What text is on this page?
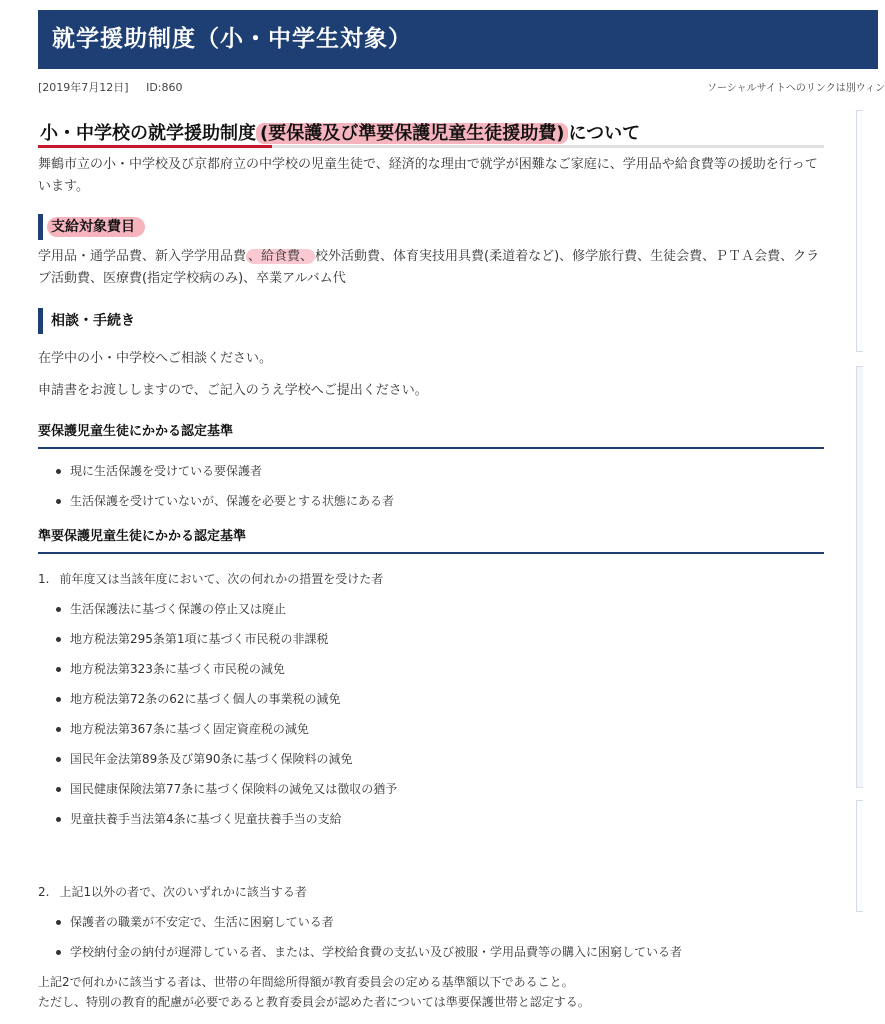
就学援助制度（小・中学生対象）
[2019年7月12日] ID:860	ソーシャルサイトへのリンクは別ウィン
小・中学校の就学援助制度 (要保護及び準要保護児童生徒援助費) について

舞鶴市立の小・中学校及び京都府立の中学校の児童生徒で、経済的な理由で就学が困難なご家庭に、学用品や給食費等の援助を行っています。

支給対象費目

学用品・通学品費、新入学学用品費 、給食費、 校外活動費、体育実技用具費(柔道着など)、修学旅行費、生徒会費、ＰＴＡ会費、クラブ活動費、医療費(指定学校病のみ)、卒業アルバム代

相談・手続き

在学中の小・中学校へご相談ください。

申請書をお渡ししますので、ご記入のうえ学校へご提出ください。

要保護児童生徒にかかる認定基準
現に生活保護を受けている要保護者
生活保護を受けていないが、保護を必要とする状態にある者
準要保護児童生徒にかかる認定基準
1. 前年度又は当該年度において、次の何れかの措置を受けた者
生活保護法に基づく保護の停止又は廃止
地方税法第295条第1項に基づく市民税の非課税
地方税法第323条に基づく市民税の減免
地方税法第72条の62に基づく個人の事業税の減免
地方税法第367条に基づく固定資産税の減免
国民年金法第89条及び第90条に基づく保険料の減免
国民健康保険法第77条に基づく保険料の減免又は徴収の猶予
児童扶養手当法第4条に基づく児童扶養手当の支給
2. 上記1以外の者で、次のいずれかに該当する者
保護者の職業が不安定で、生活に困窮している者
学校納付金の納付が遅滞している者、または、学校給食費の支払い及び被服・学用品費等の購入に困窮している者

上記2で何れかに該当する者は、世帯の年間総所得額が教育委員会の定める基準額以下であること。
ただし、特別の教育的配慮が必要であると教育委員会が認めた者については準要保護世帯と認定する。
